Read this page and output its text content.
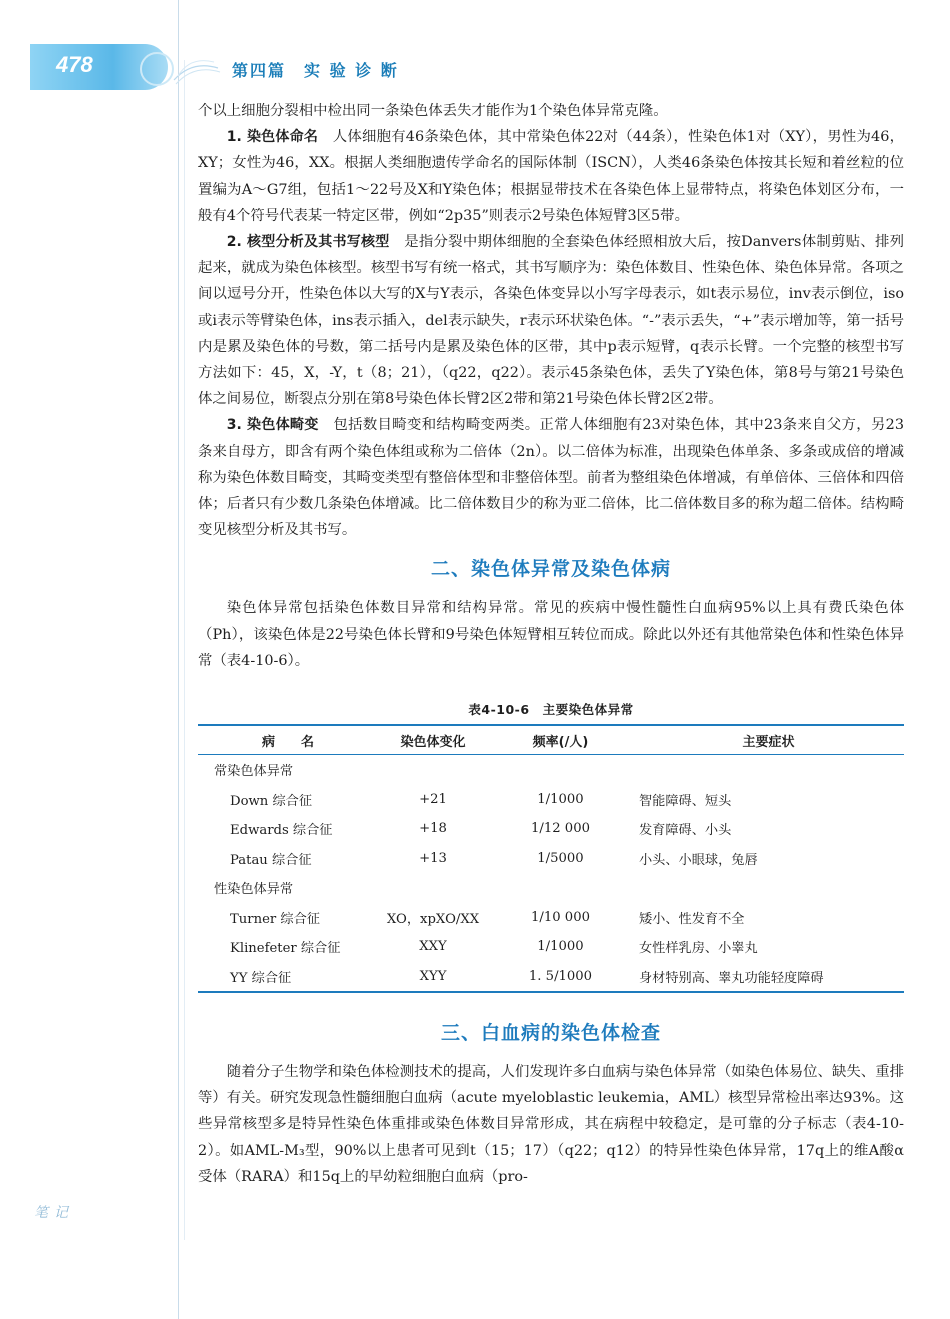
478	第四篇　实 验 诊 断
笔记

个以上细胞分裂相中检出同一条染色体丢失才能作为1个染色体异常克隆。

1. 染色体命名　 人体细胞有46条染色体，其中常染色体22对（44条），性染色体1对（XY），男性为46，XY；女性为46，XX。根据人类细胞遗传学命名的国际体制（ISCN），人类46条染色体按其长短和着丝粒的位置编为A～G7组，包括1～22号及X和Y染色体；根据显带技术在各染色体上显带特点，将染色体划区分布，一般有4个符号代表某一特定区带，例如“2p35”则表示2号染色体短臂3区5带。

2. 核型分析及其书写核型　 是指分裂中期体细胞的全套染色体经照相放大后，按Danvers体制剪贴、排列起来，就成为染色体核型。核型书写有统一格式，其书写顺序为：染色体数目、性染色体、染色体异常。各项之间以逗号分开，性染色体以大写的X与Y表示，各染色体变异以小写字母表示，如t表示易位，inv表示倒位，iso或i表示等臂染色体，ins表示插入，del表示缺失，r表示环状染色体。“-”表示丢失，“+”表示增加等，第一括号内是累及染色体的号数，第二括号内是累及染色体的区带，其中p表示短臂，q表示长臂。一个完整的核型书写方法如下：45，X，-Y，t（8；21），（q22，q22）。表示45条染色体，丢失了Y染色体，第8号与第21号染色体之间易位，断裂点分别在第8号染色体长臂2区2带和第21号染色体长臂2区2带。

3. 染色体畸变　 包括数目畸变和结构畸变两类。正常人体细胞有23对染色体，其中23条来自父方，另23条来自母方，即含有两个染色体组或称为二倍体（2n）。以二倍体为标准，出现染色体单条、多条或成倍的增减称为染色体数目畸变，其畸变类型有整倍体型和非整倍体型。前者为整组染色体增减，有单倍体、三倍体和四倍体；后者只有少数几条染色体增减。比二倍体数目少的称为亚二倍体，比二倍体数目多的称为超二倍体。结构畸变见核型分析及其书写。

二、染色体异常及染色体病

染色体异常包括染色体数目异常和结构异常。常见的疾病中慢性髓性白血病95%以上具有费氏染色体（Ph），该染色体是22号染色体长臂和9号染色体短臂相互转位而成。除此以外还有其他常染色体和性染色体异常（表4-10-6）。

表4-10-6　主要染色体异常
病　　名	染色体变化	频率(/人)	主要症状
常染色体异常			
Down 综合征	+21	1/1000	智能障碍、短头
Edwards 综合征	+18	1/12 000	发育障碍、小头
Patau 综合征	+13	1/5000	小头、小眼球，兔唇
性染色体异常			
Turner 综合征	XO，xpXO/XX	1/10 000	矮小、性发育不全
Klinefeter 综合征	XXY	1/1000	女性样乳房、小睾丸
YY 综合征	XYY	1. 5/1000	身材特别高、睾丸功能轻度障碍
三、白血病的染色体检查

随着分子生物学和染色体检测技术的提高，人们发现许多白血病与染色体异常（如染色体易位、缺失、重排等）有关。研究发现急性髓细胞白血病（acute myeloblastic leukemia，AML）核型异常检出率达93%。这些异常核型多是特异性染色体重排或染色体数目异常形成，其在病程中较稳定，是可靠的分子标志（表4-10-2）。如AML-M₃型，90%以上患者可见到t（15；17）（q22；q12）的特异性染色体异常，17q上的维A酸α受体（RARA）和15q上的早幼粒细胞白血病（pro-
